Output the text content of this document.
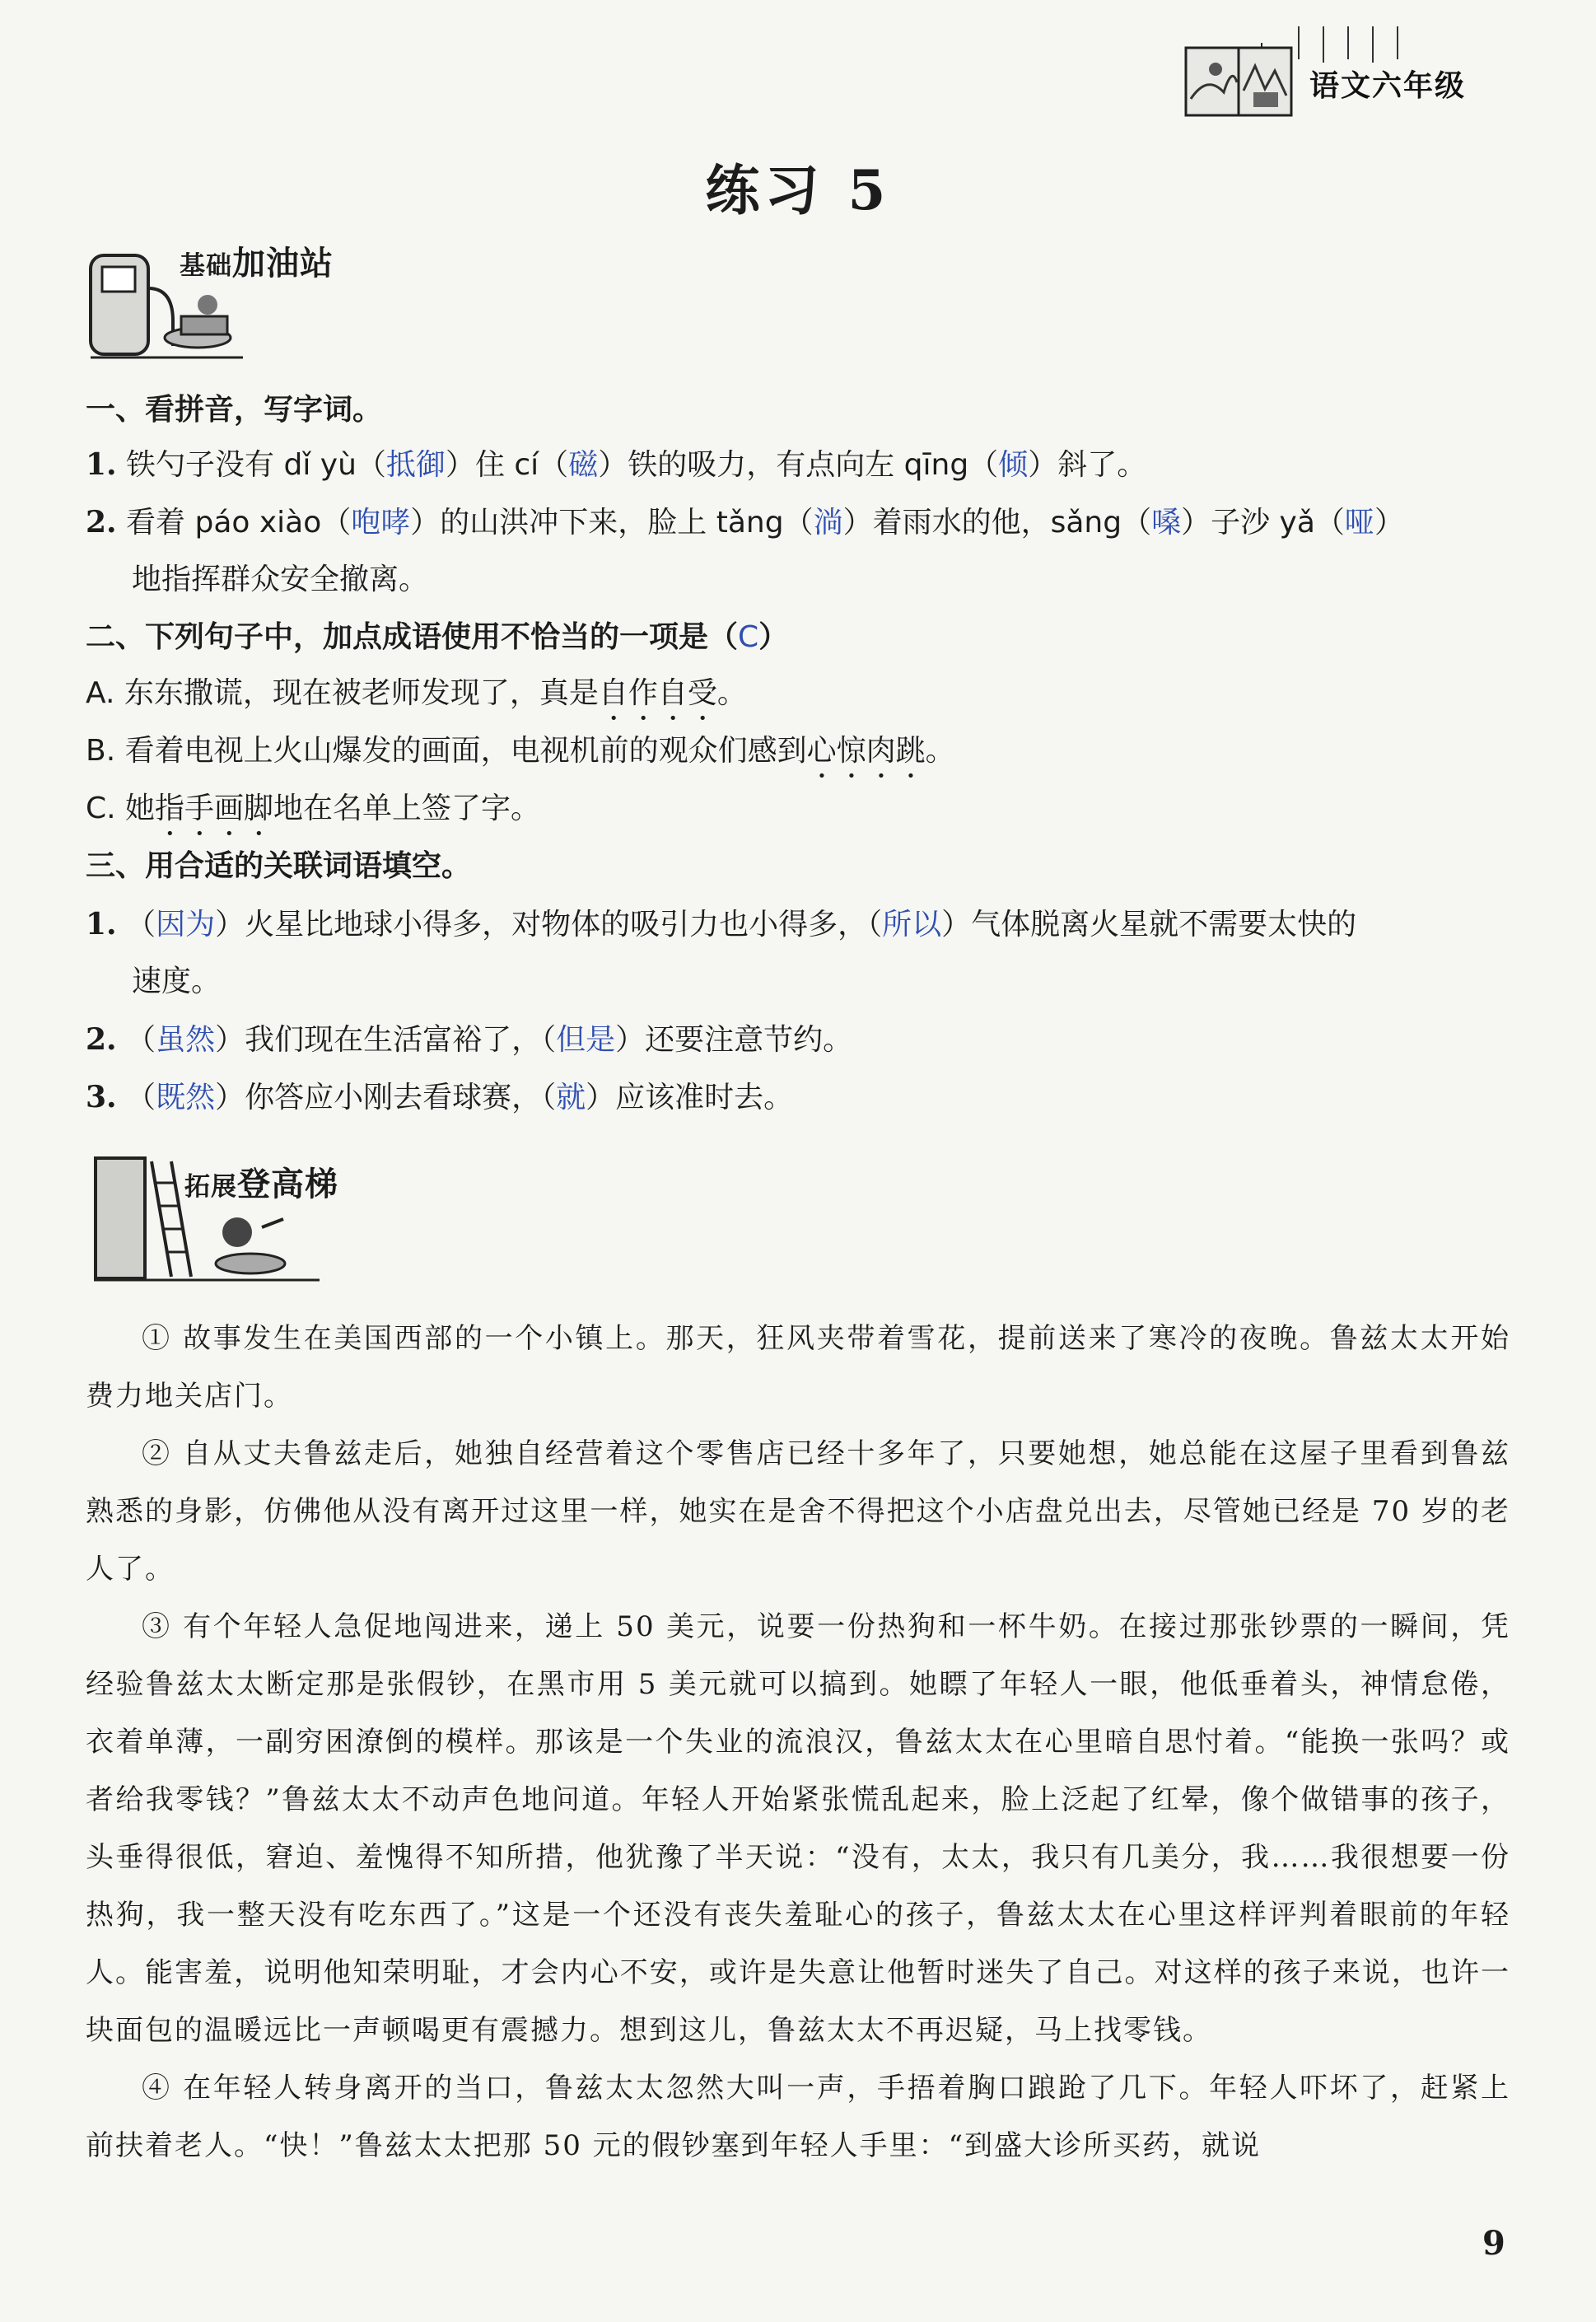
语文六年级
练习 5
基础加油站
一、看拼音，写字词。
1. 铁勺子没有 dǐ yù（抵御）住 cí（磁）铁的吸力，有点向左 qīng（倾）斜了。
2. 看着 páo xiào（咆哮）的山洪冲下来，脸上 tǎng（淌）着雨水的他，sǎng（嗓）子沙 yǎ（哑）
地指挥群众安全撤离。
二、下列句子中，加点成语使用不恰当的一项是（C）
A. 东东撒谎，现在被老师发现了，真是自作自受。
B. 看着电视上火山爆发的画面，电视机前的观众们感到心惊肉跳。
C. 她指手画脚地在名单上签了字。
三、用合适的关联词语填空。
1. （因为）火星比地球小得多，对物体的吸引力也小得多，（所以）气体脱离火星就不需要太快的
速度。
2. （虽然）我们现在生活富裕了，（但是）还要注意节约。
3. （既然）你答应小刚去看球赛，（就）应该准时去。
拓展登高梯

① 故事发生在美国西部的一个小镇上。那天，狂风夹带着雪花，提前送来了寒冷的夜晚。鲁兹太太开始费力地关店门。

② 自从丈夫鲁兹走后，她独自经营着这个零售店已经十多年了，只要她想，她总能在这屋子里看到鲁兹熟悉的身影，仿佛他从没有离开过这里一样，她实在是舍不得把这个小店盘兑出去，尽管她已经是 70 岁的老人了。

③ 有个年轻人急促地闯进来，递上 50 美元，说要一份热狗和一杯牛奶。在接过那张钞票的一瞬间，凭经验鲁兹太太断定那是张假钞，在黑市用 5 美元就可以搞到。她瞟了年轻人一眼，他低垂着头，神情怠倦，衣着单薄，一副穷困潦倒的模样。那该是一个失业的流浪汉，鲁兹太太在心里暗自思忖着。“能换一张吗？或者给我零钱？”鲁兹太太不动声色地问道。年轻人开始紧张慌乱起来，脸上泛起了红晕，像个做错事的孩子，头垂得很低，窘迫、羞愧得不知所措，他犹豫了半天说：“没有，太太，我只有几美分，我……我很想要一份热狗，我一整天没有吃东西了。”这是一个还没有丧失羞耻心的孩子，鲁兹太太在心里这样评判着眼前的年轻人。能害羞，说明他知荣明耻，才会内心不安，或许是失意让他暂时迷失了自己。对这样的孩子来说，也许一块面包的温暖远比一声顿喝更有震撼力。想到这儿，鲁兹太太不再迟疑，马上找零钱。

④ 在年轻人转身离开的当口，鲁兹太太忽然大叫一声，手捂着胸口踉跄了几下。年轻人吓坏了，赶紧上前扶着老人。“快！”鲁兹太太把那 50 元的假钞塞到年轻人手里：“到盛大诊所买药，就说

9
